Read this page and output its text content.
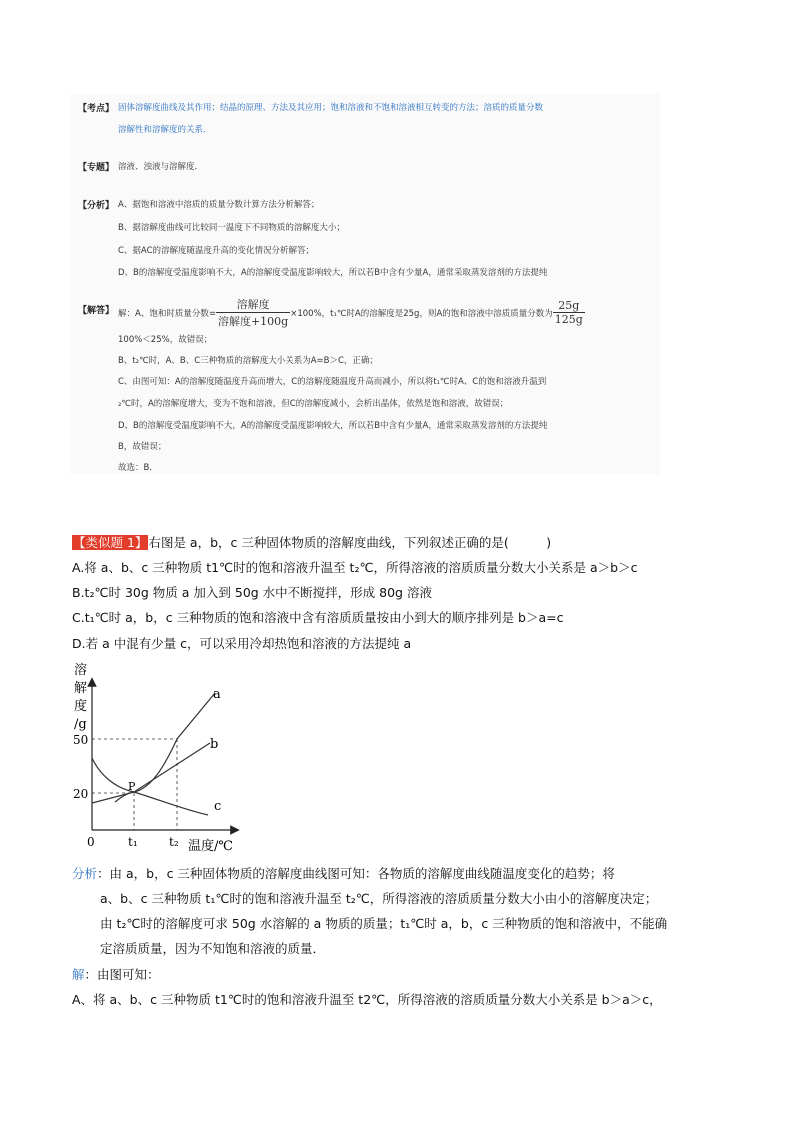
【考点】 固体溶解度曲线及其作用；结晶的原理、方法及其应用；饱和溶液和不饱和溶液相互转变的方法；溶质的质量分数
溶解性和溶解度的关系．
【专题】 溶液、浊液与溶解度．
【分析】 A、据饱和溶液中溶质的质量分数计算方法分析解答；
B、据溶解度曲线可比较同一温度下不同物质的溶解度大小；
C、据AC的溶解度随温度升高的变化情况分析解答；
D、B的溶解度受温度影响不大，A的溶解度受温度影响较大，所以若B中含有少量A，通常采取蒸发溶剂的方法提纯
【解答】 解：A、饱和时质量分数= $\frac{\text{溶解度}}{\text{溶解度+100g}} \times 100\%$，t₁℃时A的溶解度是25g，则A的饱和溶液中溶质质量分数为 $\frac{25g}{125g}$
100%＜25%，故错误；
B、t₂℃时，A、B、C三种物质的溶解度大小关系为A=B＞C，正确；
C、由图可知：A的溶解度随温度升高而增大，C的溶解度随温度升高而减小，所以将t₁℃时A、C的饱和溶液升温到
₂℃时，A的溶解度增大，变为不饱和溶液，但C的溶解度减小，会析出晶体，依然是饱和溶液，故错误；
D、B的溶解度受温度影响不大，A的溶解度受温度影响较大，所以若B中含有少量A，通常采取蒸发溶剂的方法提纯
B，故错误；
故选：B．
【类似题 1】右图是 a，b，c 三种固体物质的溶解度曲线，下列叙述正确的是(　　　)
A.将 a、b、c 三种物质 t1℃时的饱和溶液升温至 t₂℃，所得溶液的溶质质量分数大小关系是 a＞b＞c
B.t₂℃时 30g 物质 a 加入到 50g 水中不断搅拌，形成 80g 溶液
C.t₁℃时 a，b，c 三种物质的饱和溶液中含有溶质质量按由小到大的顺序排列是 b＞a=c
D.若 a 中混有少量 c，可以采用冷却热饱和溶液的方法提纯 a
溶
解
度
/g
50
20
0	t₁	t₂ 温度/℃
P
a
b
c
分析：由 a，b，c 三种固体物质的溶解度曲线图可知：各物质的溶解度曲线随温度变化的趋势；将
a、b、c 三种物质 t₁℃时的饱和溶液升温至 t₂℃，所得溶液的溶质质量分数大小由小的溶解度决定；
由 t₂℃时的溶解度可求 50g 水溶解的 a 物质的质量；t₁℃时 a，b，c 三种物质的饱和溶液中，不能确
定溶质质量，因为不知饱和溶液的质量．
解：由图可知：
A、将 a、b、c 三种物质 t1℃时的饱和溶液升温至 t2℃，所得溶液的溶质质量分数大小关系是 b＞a＞c，
